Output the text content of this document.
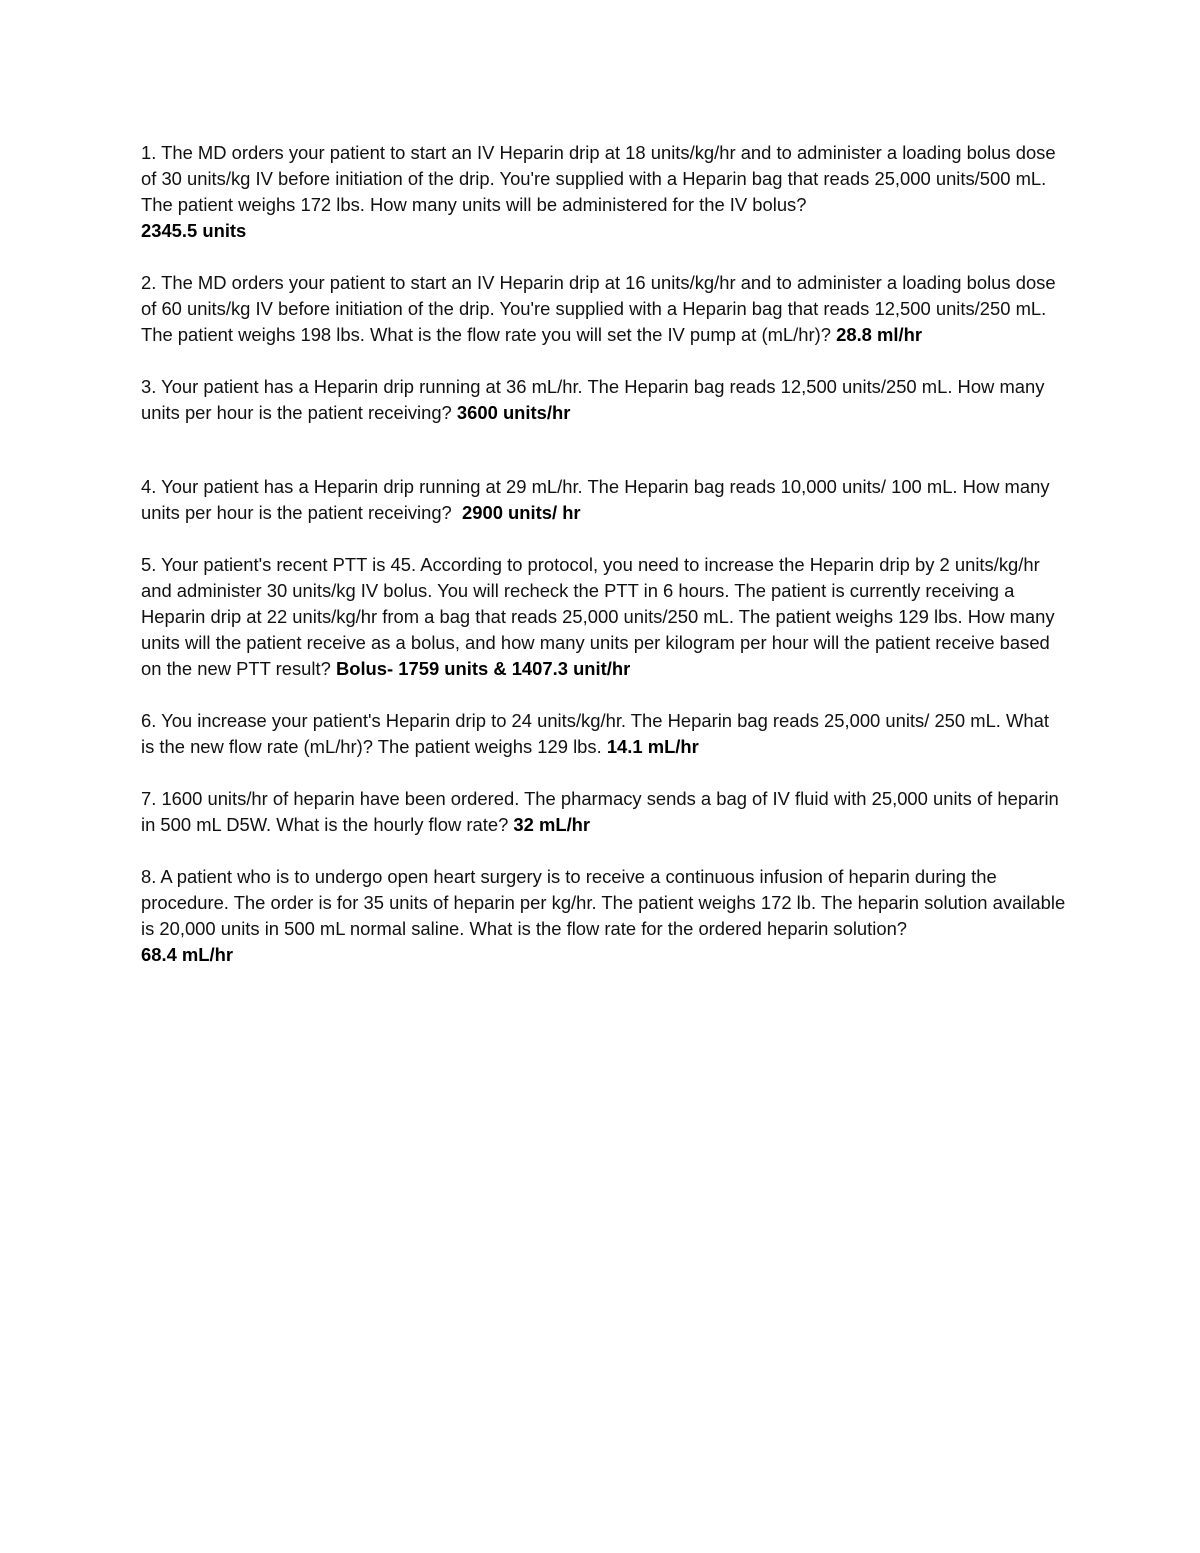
1. The MD orders your patient to start an IV Heparin drip at 18 units/kg/hr and to administer a loading bolus dose of 30 units/kg IV before initiation of the drip. You're supplied with a Heparin bag that reads 25,000 units/500 mL. The patient weighs 172 lbs. How many units will be administered for the IV bolus?
2345.5 units

2. The MD orders your patient to start an IV Heparin drip at 16 units/kg/hr and to administer a loading bolus dose of 60 units/kg IV before initiation of the drip. You're supplied with a Heparin bag that reads 12,500 units/250 mL. The patient weighs 198 lbs. What is the flow rate you will set the IV pump at (mL/hr)? 28.8 ml/hr

3. Your patient has a Heparin drip running at 36 mL/hr. The Heparin bag reads 12,500 units/250 mL. How many units per hour is the patient receiving? 3600 units/hr

4. Your patient has a Heparin drip running at 29 mL/hr. The Heparin bag reads 10,000 units/ 100 mL. How many units per hour is the patient receiving? 2900 units/ hr

5. Your patient's recent PTT is 45. According to protocol, you need to increase the Heparin drip by 2 units/kg/hr and administer 30 units/kg IV bolus. You will recheck the PTT in 6 hours. The patient is currently receiving a Heparin drip at 22 units/kg/hr from a bag that reads 25,000 units/250 mL. The patient weighs 129 lbs. How many units will the patient receive as a bolus, and how many units per kilogram per hour will the patient receive based on the new PTT result? Bolus- 1759 units & 1407.3 unit/hr

6. You increase your patient's Heparin drip to 24 units/kg/hr. The Heparin bag reads 25,000 units/ 250 mL. What is the new flow rate (mL/hr)? The patient weighs 129 lbs. 14.1 mL/hr

7. 1600 units/hr of heparin have been ordered. The pharmacy sends a bag of IV fluid with 25,000 units of heparin in 500 mL D5W. What is the hourly flow rate? 32 mL/hr

8. A patient who is to undergo open heart surgery is to receive a continuous infusion of heparin during the procedure. The order is for 35 units of heparin per kg/hr. The patient weighs 172 lb. The heparin solution available is 20,000 units in 500 mL normal saline. What is the flow rate for the ordered heparin solution?
68.4 mL/hr
